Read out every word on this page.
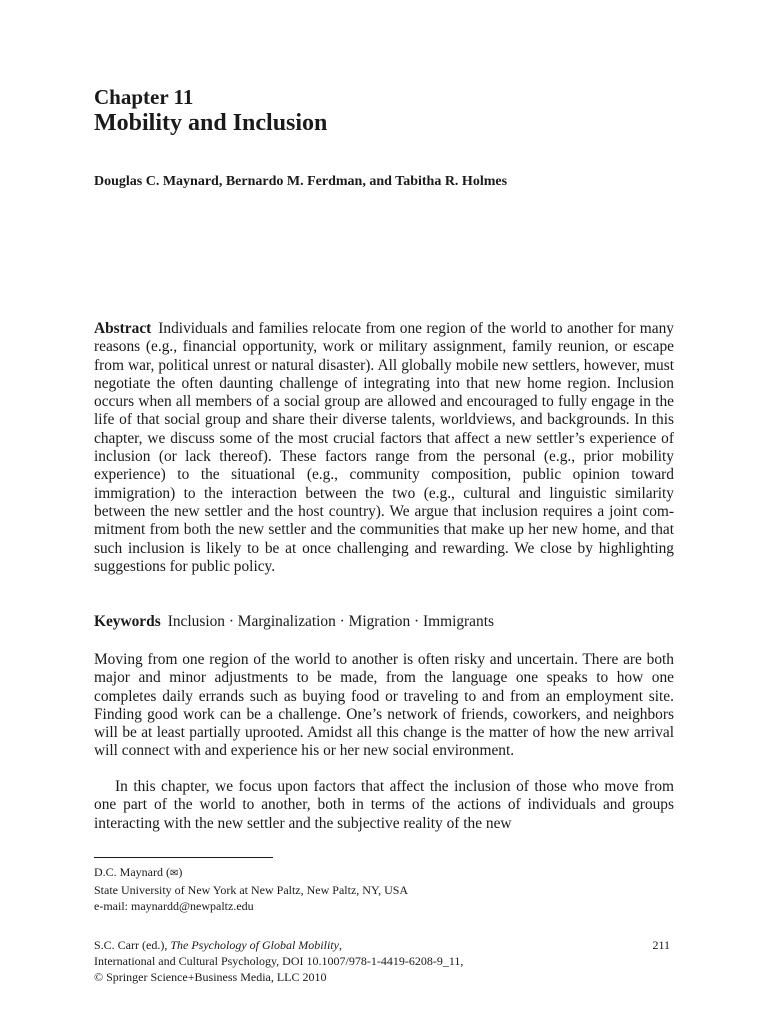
Chapter 11
Mobility and Inclusion

Douglas C. Maynard, Bernardo M. Ferdman, and Tabitha R. Holmes

Abstract Individuals and families relocate from one region of the world to another for many reasons (e.g., financial opportunity, work or military assignment, family reunion, or escape from war, political unrest or natural disaster). All globally mobile new settlers, however, must negotiate the often daunting challenge of integrating into that new home region. Inclusion occurs when all members of a social group are allowed and encouraged to fully engage in the life of that social group and share their diverse talents, worldviews, and backgrounds. In this chapter, we discuss some of the most crucial factors that affect a new settler’s experience of inclusion (or lack thereof). These factors range from the personal (e.g., prior mobility experience) to the situational (e.g., community composition, public opinion toward immigration) to the interaction between the two (e.g., cultural and linguistic similarity between the new settler and the host country). We argue that inclusion requires a joint commitment from both the new settler and the communities that make up her new home, and that such inclusion is likely to be at once challenging and rewarding. We close by highlighting suggestions for public policy.

Keywords Inclusion · Marginalization · Migration · Immigrants

Moving from one region of the world to another is often risky and uncertain. There are both major and minor adjustments to be made, from the language one speaks to how one completes daily errands such as buying food or traveling to and from an employment site. Finding good work can be a challenge. One’s network of friends, coworkers, and neighbors will be at least partially uprooted. Amidst all this change is the matter of how the new arrival will connect with and experience his or her new social environment.

In this chapter, we focus upon factors that affect the inclusion of those who move from one part of the world to another, both in terms of the actions of individuals and groups interacting with the new settler and the subjective reality of the new

D.C. Maynard (✉)
State University of New York at New Paltz, New Paltz, NY, USA
e-mail: maynardd@newpaltz.edu
S.C. Carr (ed.), The Psychology of Global Mobility,
International and Cultural Psychology, DOI 10.1007/978-1-4419-6208-9_11,
© Springer Science+Business Media, LLC 2010
211
